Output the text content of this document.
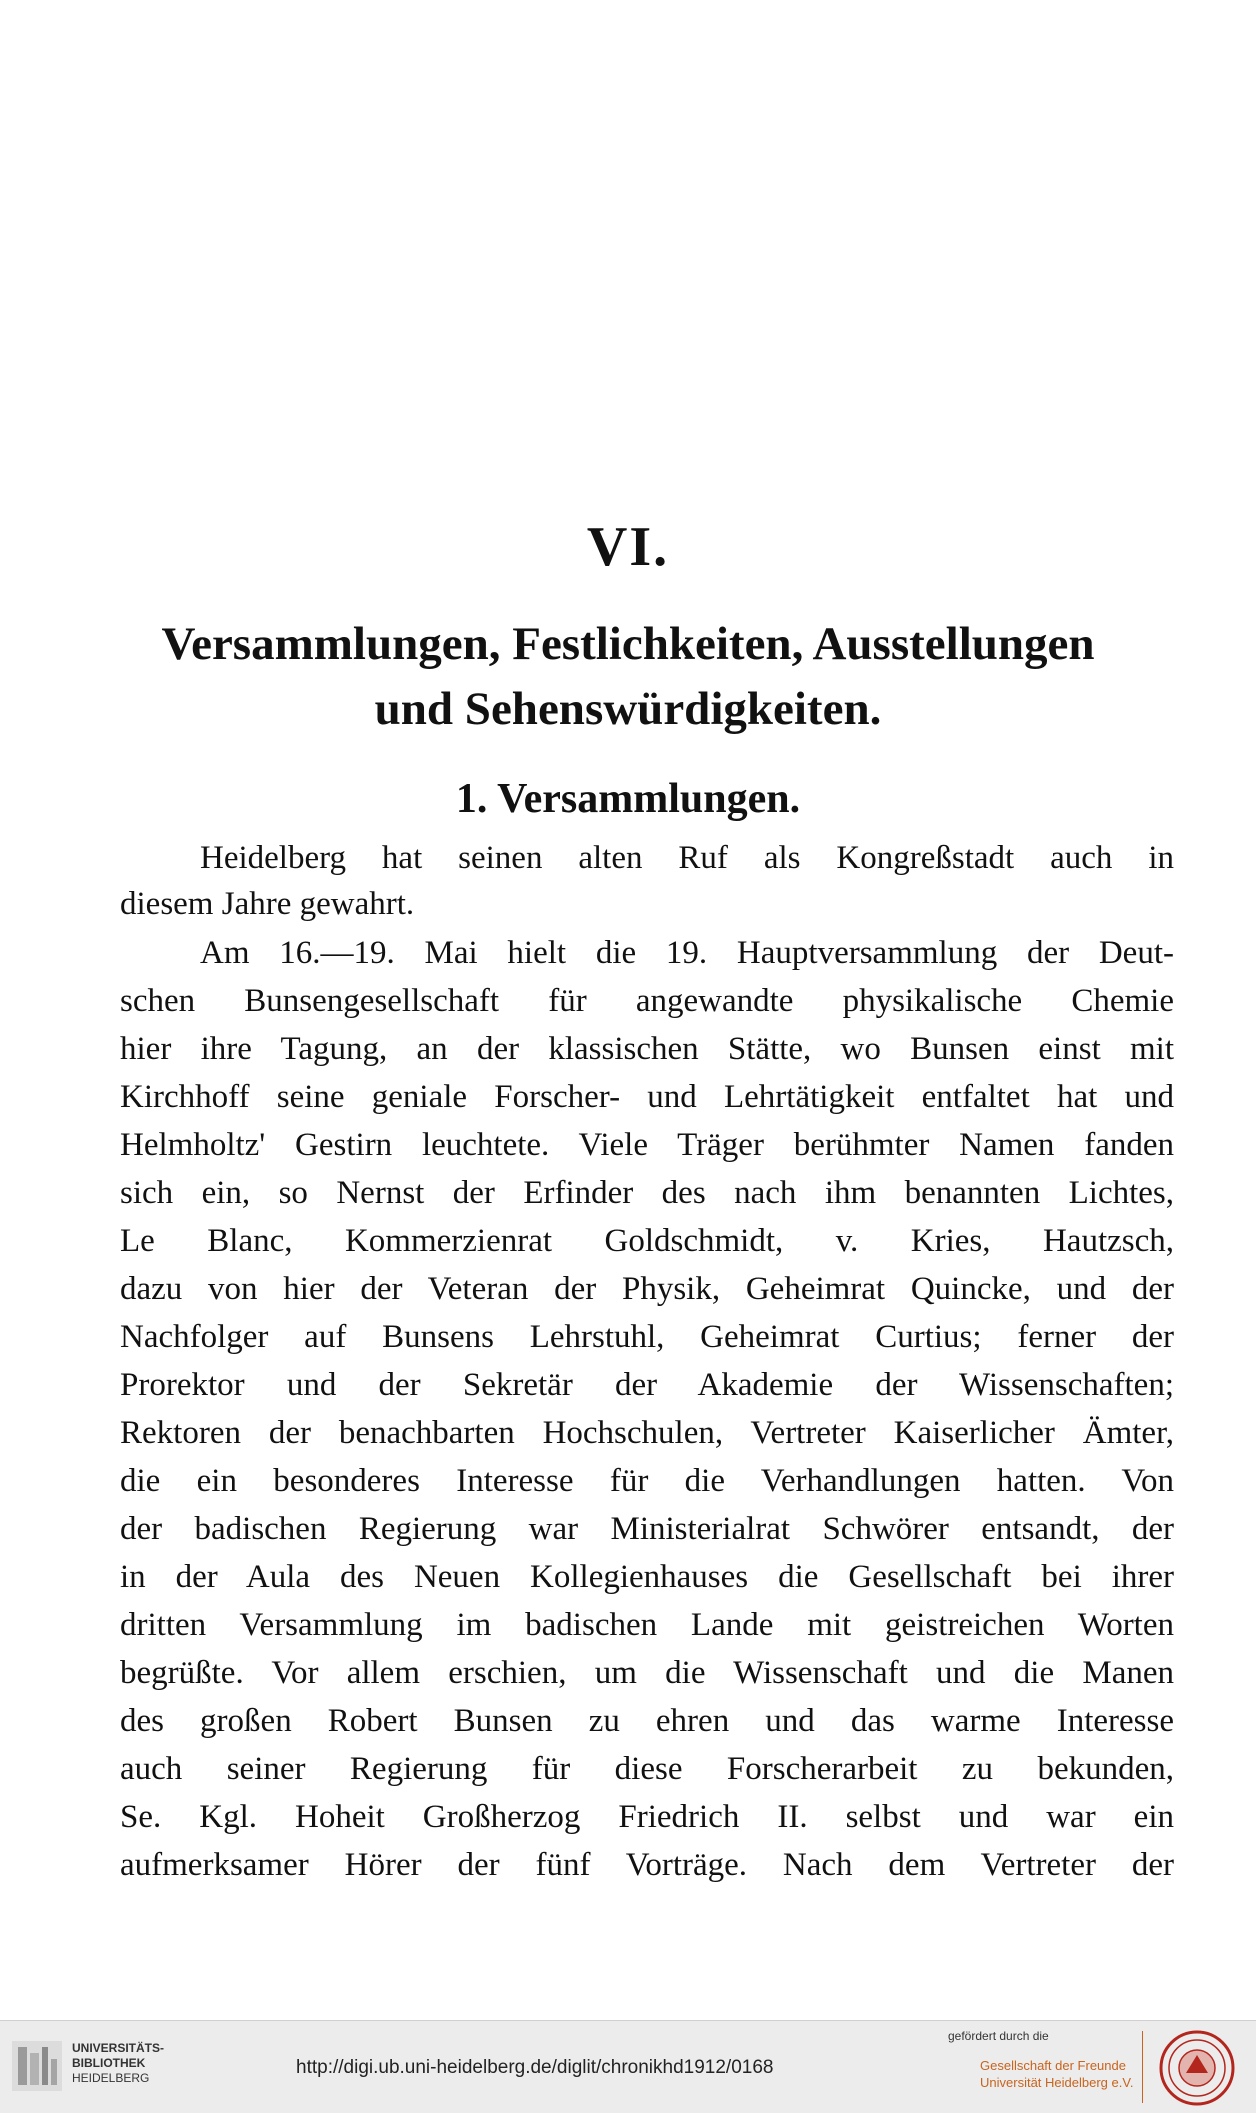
VI.
Versammlungen, Festlichkeiten, Ausstellungen
und Sehenswürdigkeiten.
1. Versammlungen.
Heidelberg hat seinen alten Ruf als Kongreßstadt auch in
diesem Jahre gewahrt.
Am 16.—19. Mai hielt die 19. Hauptversammlung der Deut-
schen Bunsengesellschaft für angewandte physikalische Chemie
hier ihre Tagung, an der klassischen Stätte, wo Bunsen einst mit
Kirchhoff seine geniale Forscher- und Lehrtätigkeit entfaltet hat und
Helmholtz' Gestirn leuchtete. Viele Träger berühmter Namen fanden
sich ein, so Nernst der Erfinder des nach ihm benannten Lichtes,
Le Blanc, Kommerzienrat Goldschmidt, v. Kries, Hautzsch,
dazu von hier der Veteran der Physik, Geheimrat Quincke, und der
Nachfolger auf Bunsens Lehrstuhl, Geheimrat Curtius; ferner der
Prorektor und der Sekretär der Akademie der Wissenschaften;
Rektoren der benachbarten Hochschulen, Vertreter Kaiserlicher Ämter,
die ein besonderes Interesse für die Verhandlungen hatten. Von
der badischen Regierung war Ministerialrat Schwörer entsandt, der
in der Aula des Neuen Kollegienhauses die Gesellschaft bei ihrer
dritten Versammlung im badischen Lande mit geistreichen Worten
begrüßte. Vor allem erschien, um die Wissenschaft und die Manen
des großen Robert Bunsen zu ehren und das warme Interesse
auch seiner Regierung für diese Forscherarbeit zu bekunden,
Se. Kgl. Hoheit Großherzog Friedrich II. selbst und war ein
aufmerksamer Hörer der fünf Vorträge. Nach dem Vertreter der
UNIVERSITÄTS-
BIBLIOTHEK
HEIDELBERG	http://digi.ub.uni-heidelberg.de/diglit/chronikhd1912/0168
gefördert durch die
Gesellschaft der Freunde
Universität Heidelberg e.V.
